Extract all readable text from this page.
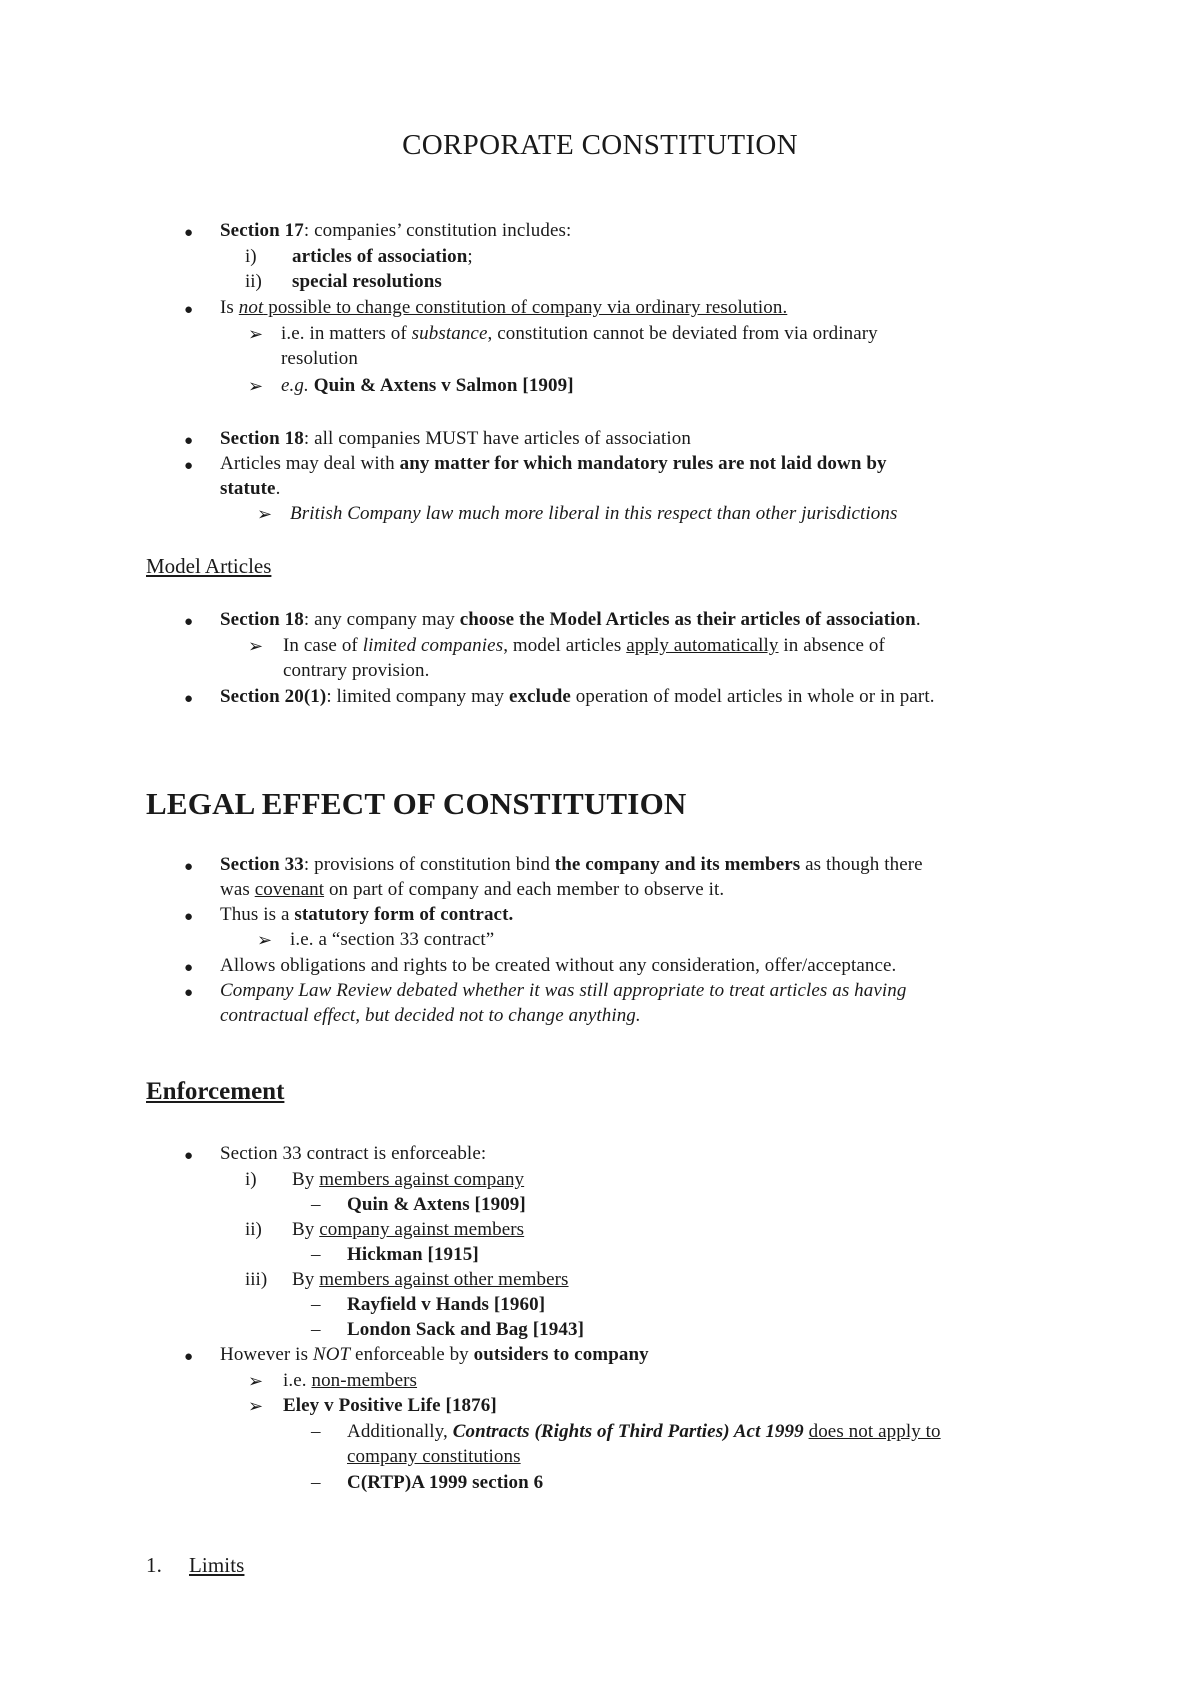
CORPORATE CONSTITUTION
● Section 17: companies’ constitution includes:
i) articles of association;
ii) special resolutions
● Is not possible to change constitution of company via ordinary resolution.
➢ i.e. in matters of substance, constitution cannot be deviated from via ordinary
resolution
➢ e.g. Quin & Axtens v Salmon [1909]
● Section 18: all companies MUST have articles of association
● Articles may deal with any matter for which mandatory rules are not laid down by
statute.
➢ British Company law much more liberal in this respect than other jurisdictions
Model Articles
● Section 18: any company may choose the Model Articles as their articles of association.
➢ In case of limited companies, model articles apply automatically in absence of
contrary provision.
● Section 20(1): limited company may exclude operation of model articles in whole or in part.
LEGAL EFFECT OF CONSTITUTION
● Section 33: provisions of constitution bind the company and its members as though there
was covenant on part of company and each member to observe it.
● Thus is a statutory form of contract.
➢ i.e. a “section 33 contract”
● Allows obligations and rights to be created without any consideration, offer/acceptance.
● Company Law Review debated whether it was still appropriate to treat articles as having
contractual effect, but decided not to change anything.
Enforcement
● Section 33 contract is enforceable:
i) By members against company
– Quin & Axtens [1909]
ii) By company against members
– Hickman [1915]
iii) By members against other members
– Rayfield v Hands [1960]
– London Sack and Bag [1943]
● However is NOT enforceable by outsiders to company
➢ i.e. non-members
➢ Eley v Positive Life [1876]
– Additionally, Contracts (Rights of Third Parties) Act 1999 does not apply to
company constitutions
– C(RTP)A 1999 section 6
1. Limits
